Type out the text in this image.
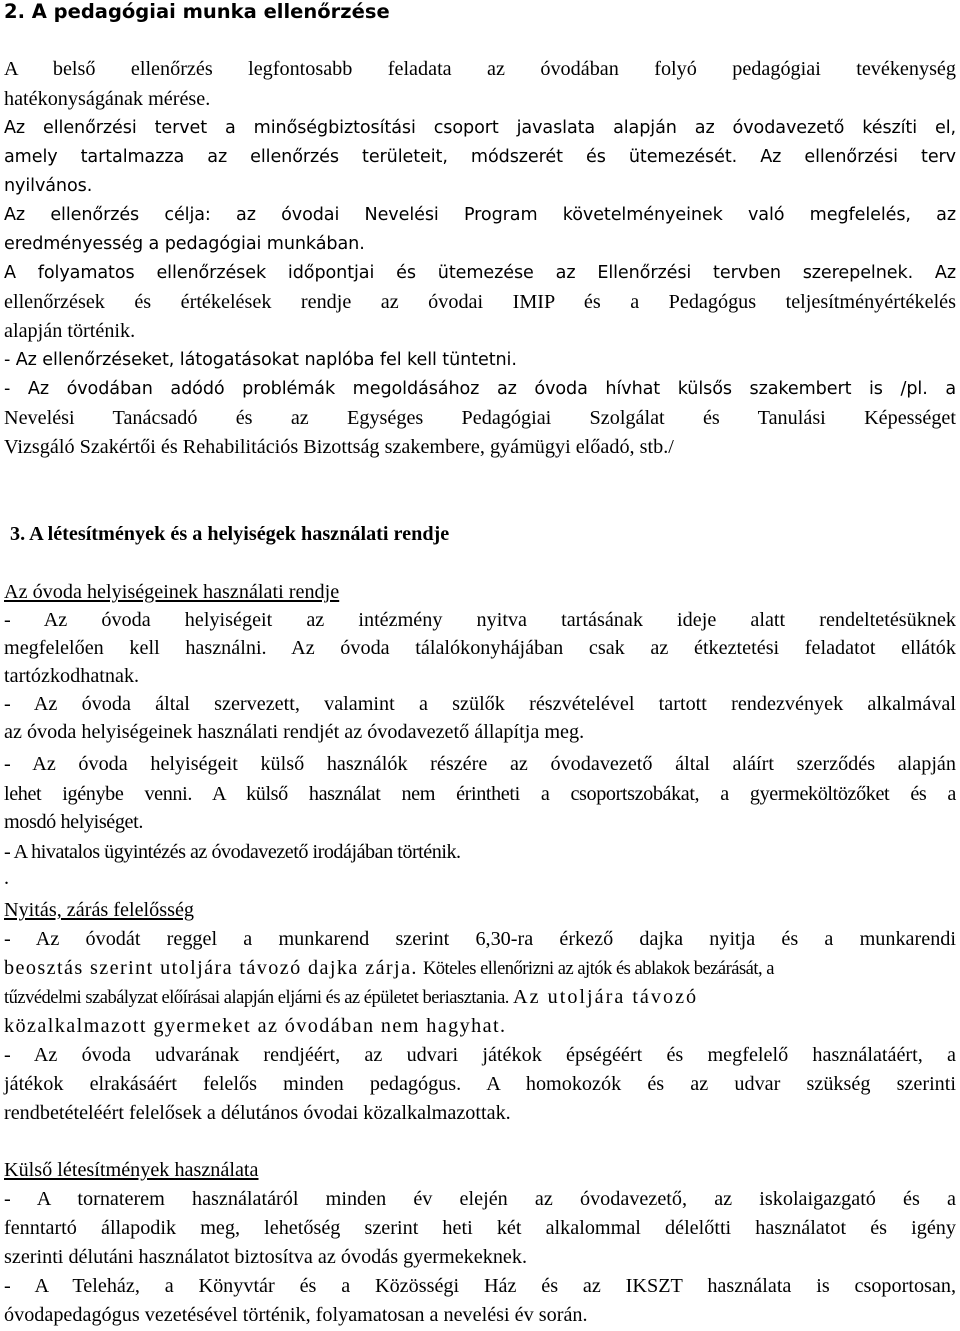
2. A pedagógiai munka ellenőrzése
A belső ellenőrzés legfontosabb feladata az óvodában folyó pedagógiai tevékenység
hatékonyságának mérése.
Az ellenőrzési tervet a minőségbiztosítási csoport javaslata alapján az óvodavezető készíti el,
amely tartalmazza az ellenőrzés területeit, módszerét és ütemezését. Az ellenőrzési terv
nyilvános.
Az ellenőrzés célja: az óvodai Nevelési Program követelményeinek való megfelelés, az
eredményesség a pedagógiai munkában.
A folyamatos ellenőrzések időpontjai és ütemezése az Ellenőrzési tervben szerepelnek. Az
ellenőrzések és értékelések rendje az óvodai IMIP és a Pedagógus teljesítményértékelés
alapján történik.
- Az ellenőrzéseket, látogatásokat naplóba fel kell tüntetni.
- Az óvodában adódó problémák megoldásához az óvoda hívhat külsős szakembert is /pl. a
Nevelési Tanácsadó és az Egységes Pedagógiai Szolgálat és Tanulási Képességet
Vizsgáló Szakértői és Rehabilitációs Bizottság szakembere, gyámügyi előadó, stb./
3. A létesítmények és a helyiségek használati rendje
Az óvoda helyiségeinek használati rendje
- Az óvoda helyiségeit az intézmény nyitva tartásának ideje alatt rendeltetésüknek
megfelelően kell használni. Az óvoda tálalókonyhájában csak az étkeztetési feladatot ellátók
tartózkodhatnak.
- Az óvoda által szervezett, valamint a szülők részvételével tartott rendezvények alkalmával
az óvoda helyiségeinek használati rendjét az óvodavezető állapítja meg.
- Az óvoda helyiségeit külső használók részére az óvodavezető által aláírt szerződés alapján
lehet igénybe venni. A külső használat nem érintheti a csoportszobákat, a gyermeköltözőket és a
mosdó helyiséget.
- A hivatalos ügyintézés az óvodavezető irodájában történik.
.
Nyitás, zárás felelősség
- Az óvodát reggel a munkarend szerint 6,30-ra érkező dajka nyitja és a munkarendi
beosztás szerint utoljára távozó dajka zárja. Köteles ellenőrizni az ajtók és ablakok bezárását, a
tűzvédelmi szabályzat előírásai alapján eljárni és az épületet beriasztania. Az utoljára távozó
közalkalmazott gyermeket az óvodában nem hagyhat.
- Az óvoda udvarának rendjéért, az udvari játékok épségéért és megfelelő használatáért, a
játékok elrakásáért felelős minden pedagógus. A homokozók és az udvar szükség szerinti
rendbetételéért felelősek a délutános óvodai közalkalmazottak.
Külső létesítmények használata
- A tornaterem használatáról minden év elején az óvodavezető, az iskolaigazgató és a
fenntartó állapodik meg, lehetőség szerint heti két alkalommal délelőtti használatot és igény
szerinti délutáni használatot biztosítva az óvodás gyermekeknek.
- A Teleház, a Könyvtár és a Közösségi Ház és az IKSZT használata is csoportosan,
óvodapedagógus vezetésével történik, folyamatosan a nevelési év során.
